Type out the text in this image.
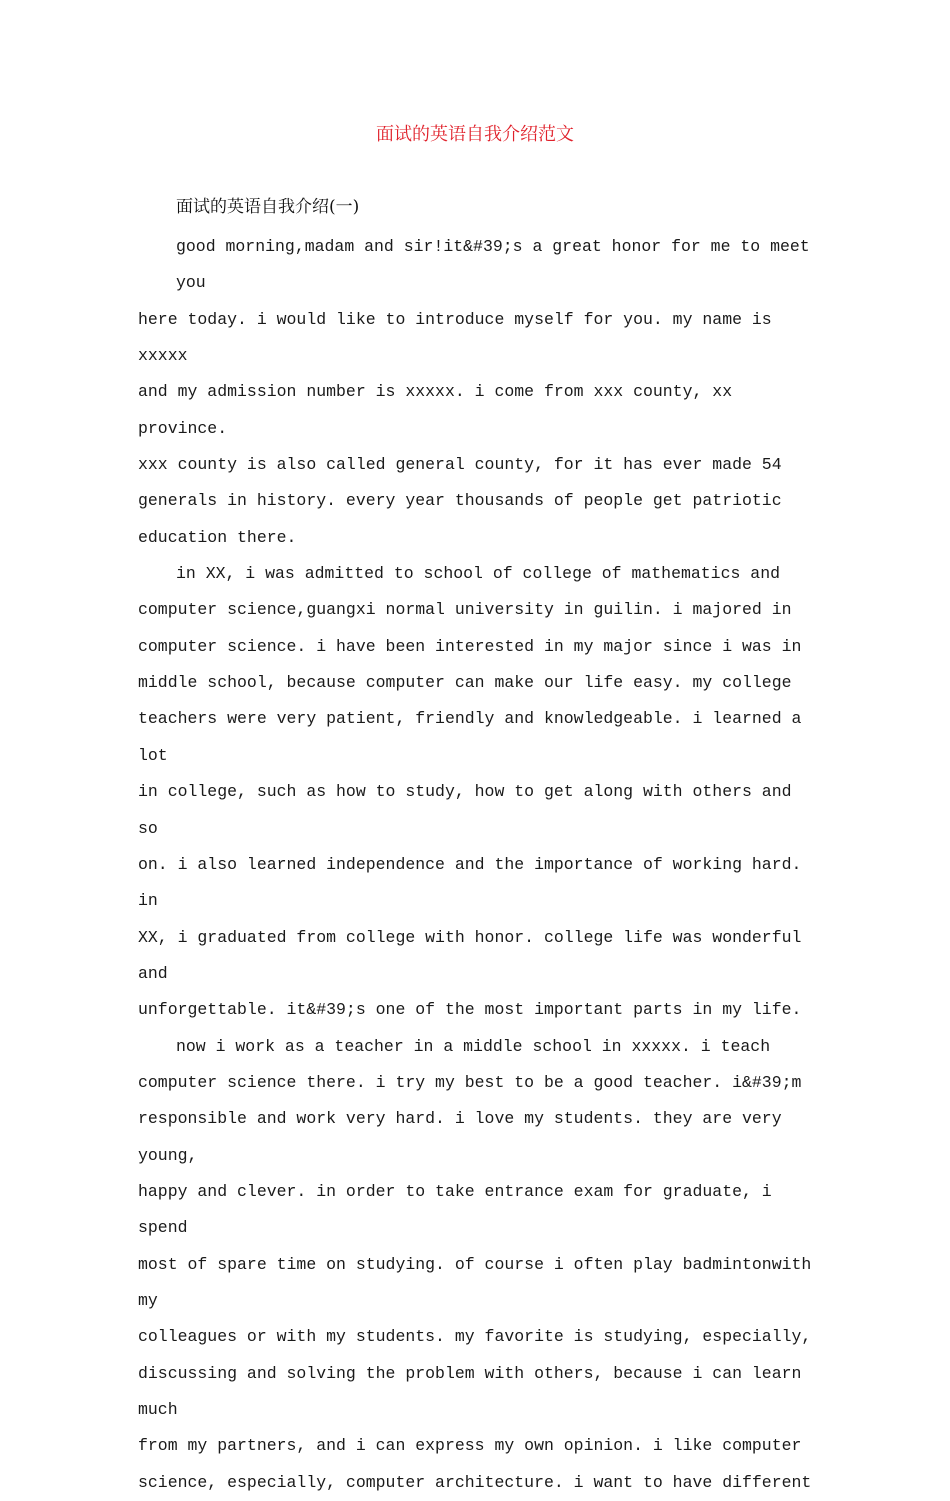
面试的英语自我介绍范文
面试的英语自我介绍(一)
good morning,madam and sir!it&#39;s a great honor for me to meet you
here today. i would like to introduce myself for you. my name is xxxxx
and my admission number is xxxxx. i come from xxx county, xx province.
xxx county is also called general county, for it has ever made 54
generals in history. every year thousands of people get patriotic
education there.
in XX, i was admitted to school of college of mathematics and
computer science,guangxi normal university in guilin. i majored in
computer science. i have been interested in my major since i was in
middle school, because computer can make our life easy. my college
teachers were very patient, friendly and knowledgeable. i learned a lot
in college, such as how to study, how to get along with others and so
on. i also learned independence and the importance of working hard. in
XX, i graduated from college with honor. college life was wonderful and
unforgettable. it&#39;s one of the most important parts in my life.
now i work as a teacher in a middle school in xxxxx. i teach
computer science there. i try my best to be a good teacher. i&#39;m
responsible and work very hard. i love my students. they are very young,
happy and clever. in order to take entrance exam for graduate, i spend
most of spare time on studying. of course i often play badmintonwith my
colleagues or with my students. my favorite is studying, especially,
discussing and solving the problem with others, because i can learn much
from my partners, and i can express my own opinion. i like computer
science, especially, computer architecture. i want to have different
